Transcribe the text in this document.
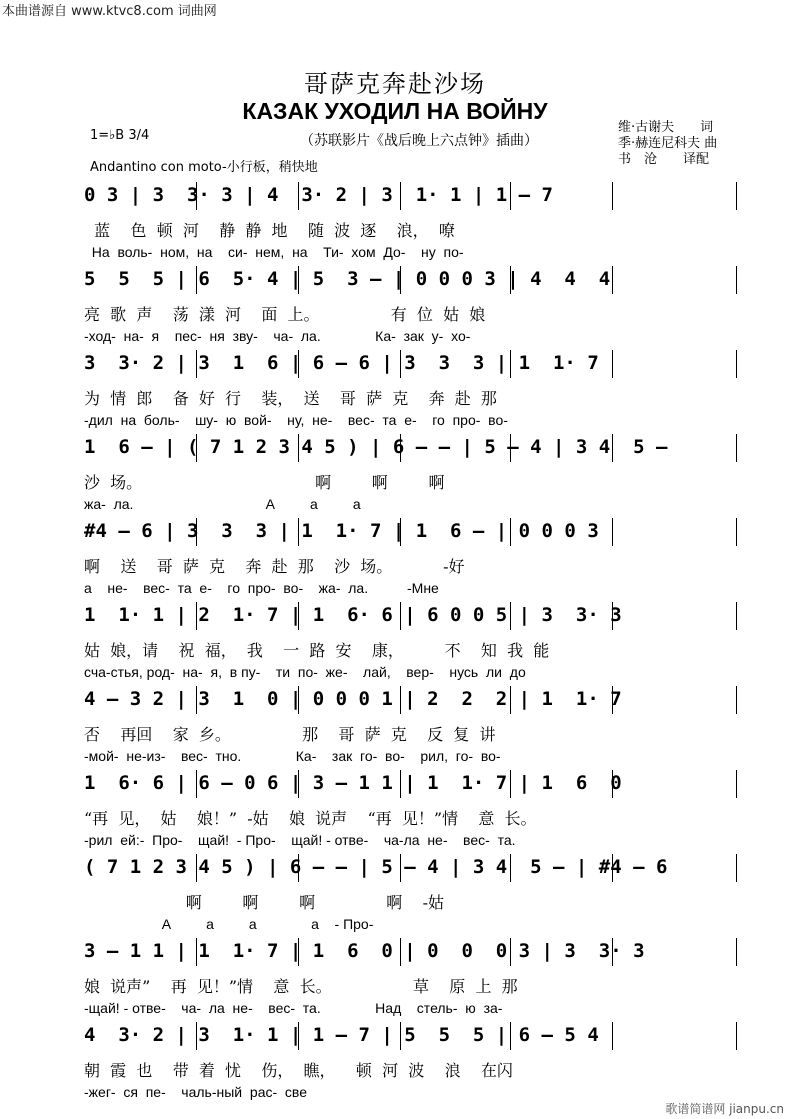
本曲谱源自 www.ktvc8.com 词曲网
哥萨克奔赴沙场
КАЗАК УХОДИЛ НА ВОЙНУ
（苏联影片《战后晚上六点钟》插曲）
维·古谢夫　　词
季·赫连尼科夫 曲
书　沧　　译配
1=♭B 3/4
Andantino con moto-小行板，稍快地
0 3 | 3  3· 3 | 4  3· 2 | 3  1· 1 | 1 – 7
蓝    色  顿  河    静  静  地    随  波  逐    浪，  嘹
На  воль-  ном,  на    си-  нем,  на    Ти-  хом  До-    ну  по-
5  5  5 | 6  5· 4 | 5  3 – | 0 0 0 3 | 4  4  4
亮  歌  声    荡  漾  河    面  上。              有  位  姑  娘
-ход-  на-  я    пес-  ня  зву-    ча-  ла.              Ка-  зак  у-  хо-
3  3· 2 | 3  1  6 | 6 – 6 | 3  3  3 | 1  1· 7
为  情  郎    备  好  行    装，  送    哥  萨  克    奔  赴  那
-дил  на  боль-    шу-  ю  вой-    ну,  не-    вес-  та  е-    го  про-  во-
1  6 – | ( 7 1 2 3 4 5 ) | 6 – – | 5 – 4 | 3 4  5 –
沙  场。                                  啊        啊        啊
жа-  ла.                                  А         а         а
#4 – 6 | 3  3  3 | 1  1· 7 | 1  6 – | 0 0 0 3
啊    送    哥  萨  克    奔  赴  那    沙  场。          -好
а    не-    вес-  та  е-    го  про-  во-    жа-  ла.          -Мне
1  1· 1 | 2  1· 7 | 1  6· 6 | 6 0 0 5 | 3  3· 3
姑  娘，请    祝  福，  我    一  路  安    康，        不    知  我  能
сча-стья, род-  на-  я,  в пу-    ти  по-  же-    лай,    вер-    нусь  ли  до
4 – 3 2 | 3  1  0 | 0 0 0 1 | 2  2  2 | 1  1· 7
否    再回    家  乡。              那    哥  萨  克    反  复  讲
-мой-  не-из-    вес-  тно.              Ка-    зак  го-  во-    рил,  го-  во-
1  6· 6 | 6 – 0 6 | 3 – 1 1 | 1  1· 7 | 1  6  0
“再  见，  姑    娘！”  -姑    娘  说声    “再  见！”情    意  长。
-рил  ей:-  Про-    щай!  - Про-    щай! - отве-    ча-ла  не-    вес-  та.
( 7 1 2 3 4 5 ) | 6 – – | 5 – 4 | 3 4  5 – | #4 – 6
啊        啊        啊              啊    -姑
А         а         а              а    - Про-
3 – 1 1 | 1  1· 7 | 1  6  0 | 0  0  0 3 | 3  3· 3
娘  说声”    再  见！”情    意  长。                草    原  上  那
-щай! - отве-    ча-  ла  не-    вес-  та.              Над    стель-  ю  за-
4  3· 2 | 3  1· 1 | 1 – 7 | 5  5  5 | 6 – 5 4
朝  霞  也    带  着  忧    伤，  瞧，    顿  河  波    浪    在闪
-жег-  ся  пе-    чаль-ный  рас-  све
歌谱简谱网 jianpu.cn
